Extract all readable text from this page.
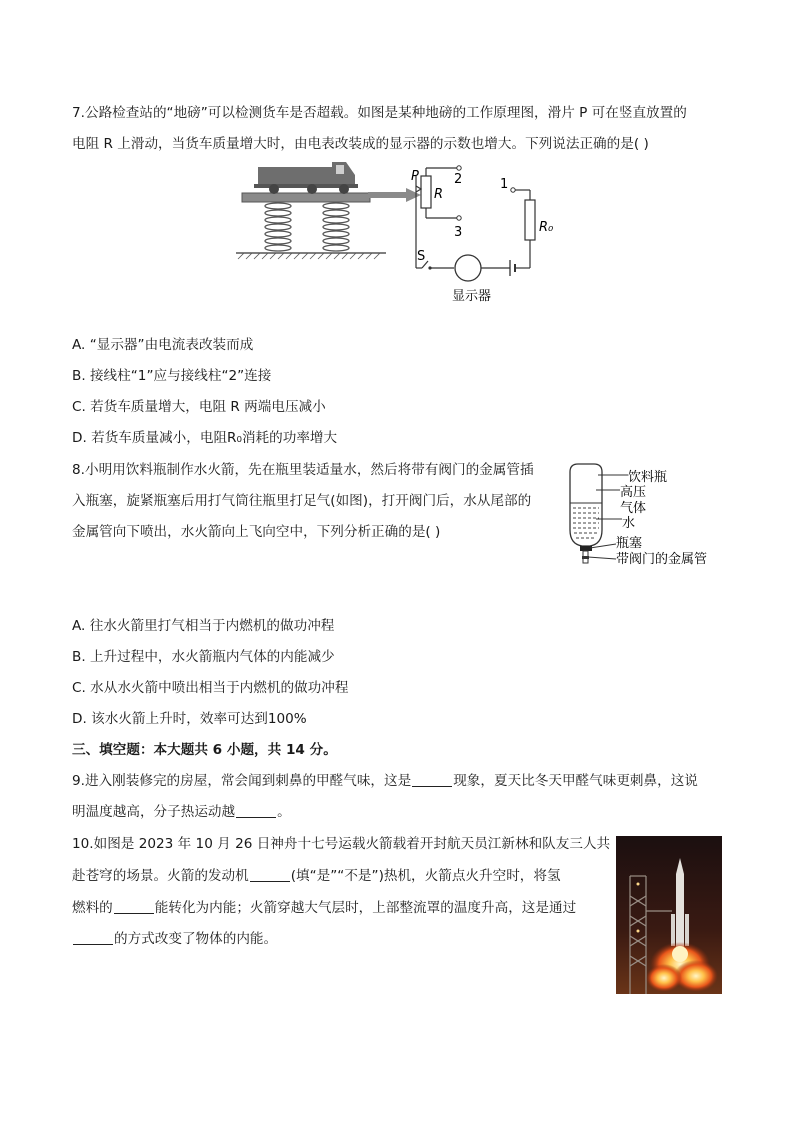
7.公路检查站的“地磅”可以检测货车是否超载。如图是某种地磅的工作原理图，滑片 P 可在竖直放置的
电阻 R 上滑动，当货车质量增大时，由电表改装成的显示器的示数也增大。下列说法正确的是( )
P
R
2
3
1
R₀
S
显示器
A. “显示器”由电流表改装而成
B. 接线柱“1”应与接线柱“2”连接
C. 若货车质量增大，电阻 R 两端电压减小
D. 若货车质量减小，电阻R₀消耗的功率增大
8.小明用饮料瓶制作水火箭，先在瓶里装适量水，然后将带有阀门的金属管插
入瓶塞，旋紧瓶塞后用打气筒往瓶里打足气(如图)，打开阀门后，水从尾部的
金属管向下喷出，水火箭向上飞向空中，下列分析正确的是( )
饮料瓶
高压
气体
水
瓶塞
带阀门的金属管
A. 往水火箭里打气相当于内燃机的做功冲程
B. 上升过程中，水火箭瓶内气体的内能减少
C. 水从水火箭中喷出相当于内燃机的做功冲程
D. 该水火箭上升时，效率可达到100%
三、填空题：本大题共 6 小题，共 14 分。
9.进入刚装修完的房屋，常会闻到刺鼻的甲醛气味，这是	现象，夏天比冬天甲醛气味更刺鼻，这说
明温度越高，分子热运动越	。
10.如图是 2023 年 10 月 26 日神舟十七号运载火箭载着开封航天员江新林和队友三人共
赴苍穹的场景。火箭的发动机	(填“是”“不是”)热机，火箭点火升空时，将氢
燃料的	能转化为内能；火箭穿越大气层时，上部整流罩的温度升高，这是通过
的方式改变了物体的内能。
